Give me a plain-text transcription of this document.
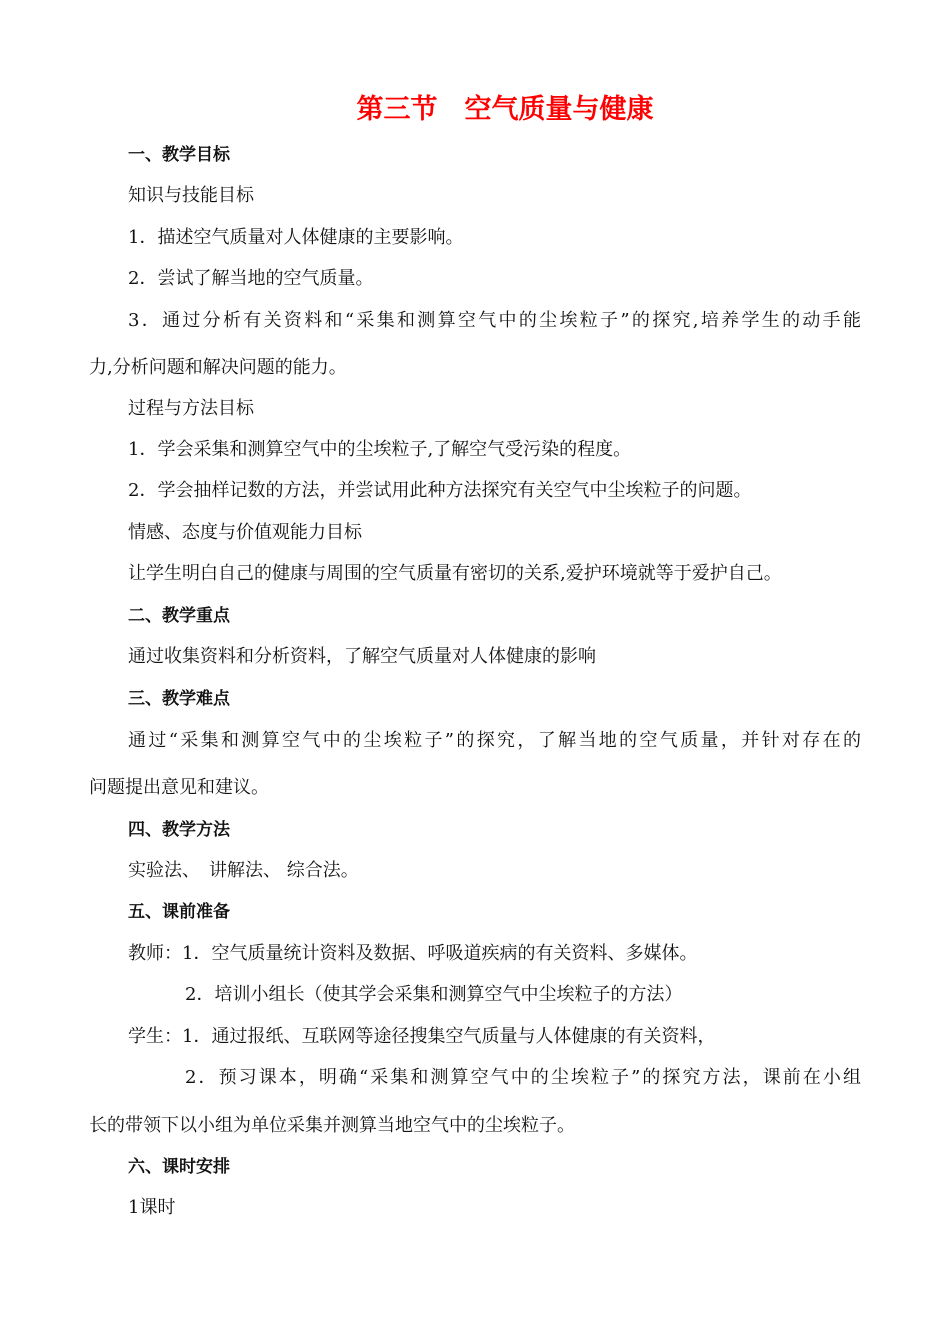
第三节　空气质量与健康
一、教学目标
知识与技能目标
1．描述空气质量对人体健康的主要影响。
2．尝试了解当地的空气质量。
3．通过分析有关资料和“采集和测算空气中的尘埃粒子”的探究,培养学生的动手能
力,分析问题和解决问题的能力。
过程与方法目标
1．学会采集和测算空气中的尘埃粒子,了解空气受污染的程度。
2．学会抽样记数的方法，并尝试用此种方法探究有关空气中尘埃粒子的问题。
情感、态度与价值观能力目标
让学生明白自己的健康与周围的空气质量有密切的关系,爱护环境就等于爱护自己。
二、教学重点
通过收集资料和分析资料，了解空气质量对人体健康的影响
三、教学难点
通过“采集和测算空气中的尘埃粒子”的探究，了解当地的空气质量，并针对存在的
问题提出意见和建议。
四、教学方法
实验法、　讲解法、 综合法。
五、课前准备
教师：1．空气质量统计资料及数据、呼吸道疾病的有关资料、多媒体。
2．培训小组长（使其学会采集和测算空气中尘埃粒子的方法）
学生：1．通过报纸、互联网等途径搜集空气质量与人体健康的有关资料，
2．预习课本，明确“采集和测算空气中的尘埃粒子”的探究方法，课前在小组
长的带领下以小组为单位采集并测算当地空气中的尘埃粒子。
六、课时安排
1课时
